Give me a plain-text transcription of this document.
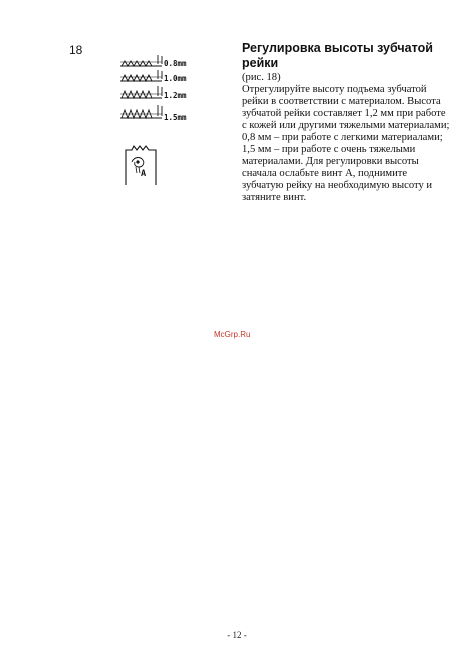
18
0.8mm
1.0mm
1.2mm
1.5mm
A
Регулировка высоты зубчатой
рейки
(рис. 18)
Отрегулируйте высоту подъема зубчатой
рейки в соответствии с материалом. Высота
зубчатой рейки составляет 1,2 мм при работе
с кожей или другими тяжелыми материалами;
0,8 мм – при работе с легкими материалами;
1,5 мм – при работе с очень тяжелыми
материалами. Для регулировки высоты
сначала ослабьте винт А, поднимите
зубчатую рейку на необходимую высоту и
затяните винт.
McGrp.Ru
- 12 -
